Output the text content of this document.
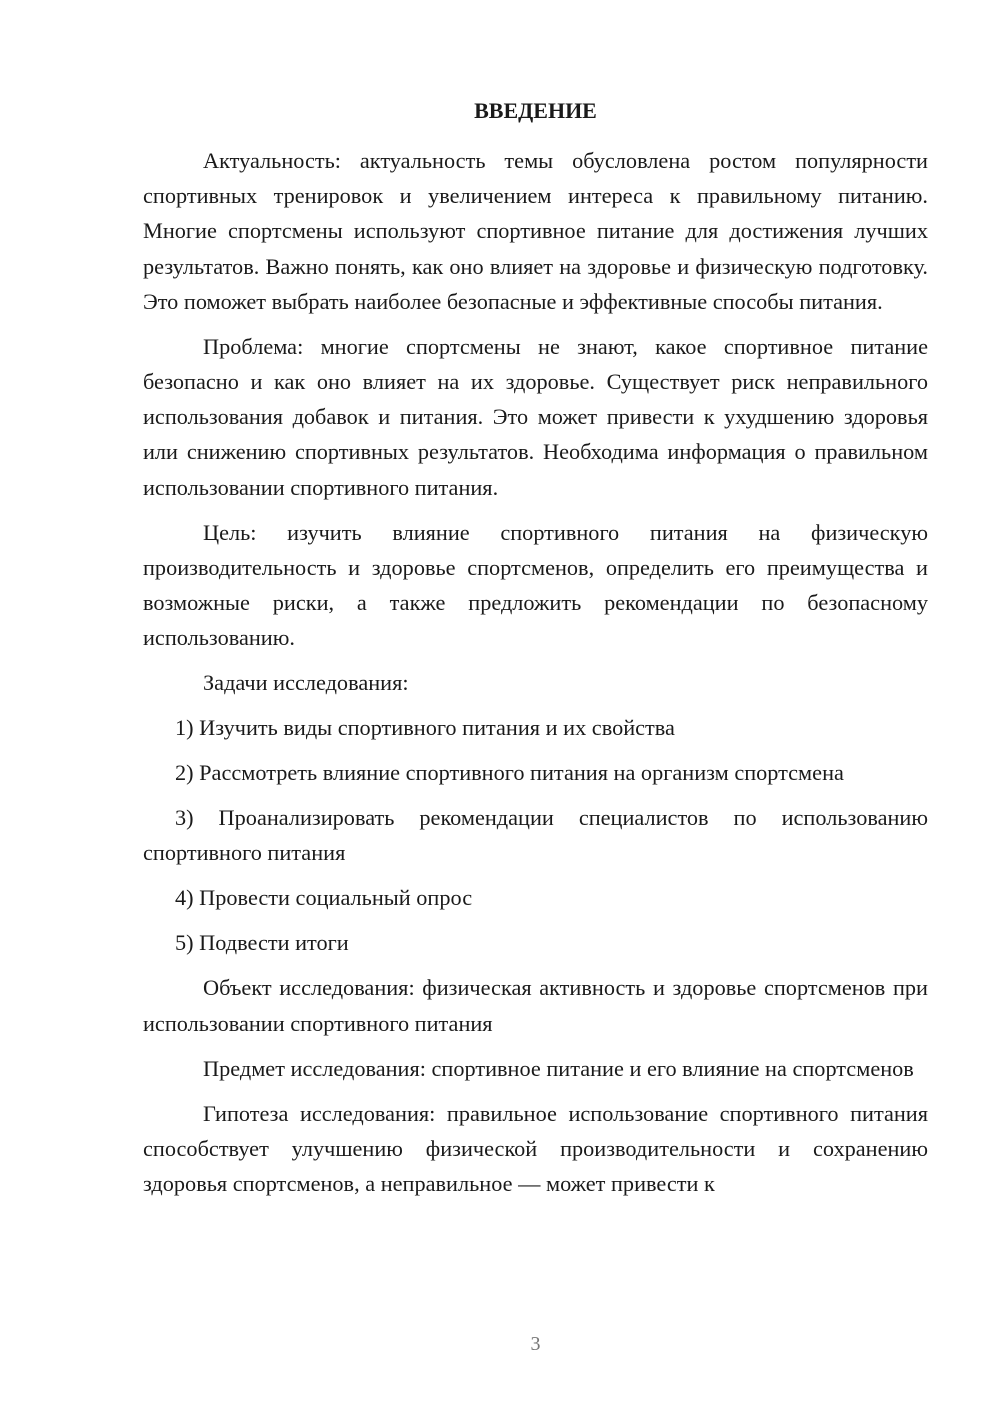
ВВЕДЕНИЕ

Актуальность: актуальность темы обусловлена ростом популярности спортивных тренировок и увеличением интереса к правильному питанию. Многие спортсмены используют спортивное питание для достижения лучших результатов. Важно понять, как оно влияет на здоровье и физическую подготовку. Это поможет выбрать наиболее безопасные и эффективные способы питания.

Проблема: многие спортсмены не знают, какое спортивное питание безопасно и как оно влияет на их здоровье. Существует риск неправильного использования добавок и питания. Это может привести к ухудшению здоровья или снижению спортивных результатов. Необходима информация о правильном использовании спортивного питания.

Цель: изучить влияние спортивного питания на физическую производительность и здоровье спортсменов, определить его преимущества и возможные риски, а также предложить рекомендации по безопасному использованию.

Задачи исследования:

1) Изучить виды спортивного питания и их свойства

2) Рассмотреть влияние спортивного питания на организм спортсмена

3) Проанализировать рекомендации специалистов по использованию спортивного питания

4) Провести социальный опрос

5) Подвести итоги

Объект исследования: физическая активность и здоровье спортсменов при использовании спортивного питания

Предмет исследования: спортивное питание и его влияние на спортсменов

Гипотеза исследования: правильное использование спортивного питания способствует улучшению физической производительности и сохранению здоровья спортсменов, а неправильное — может привести к

3
